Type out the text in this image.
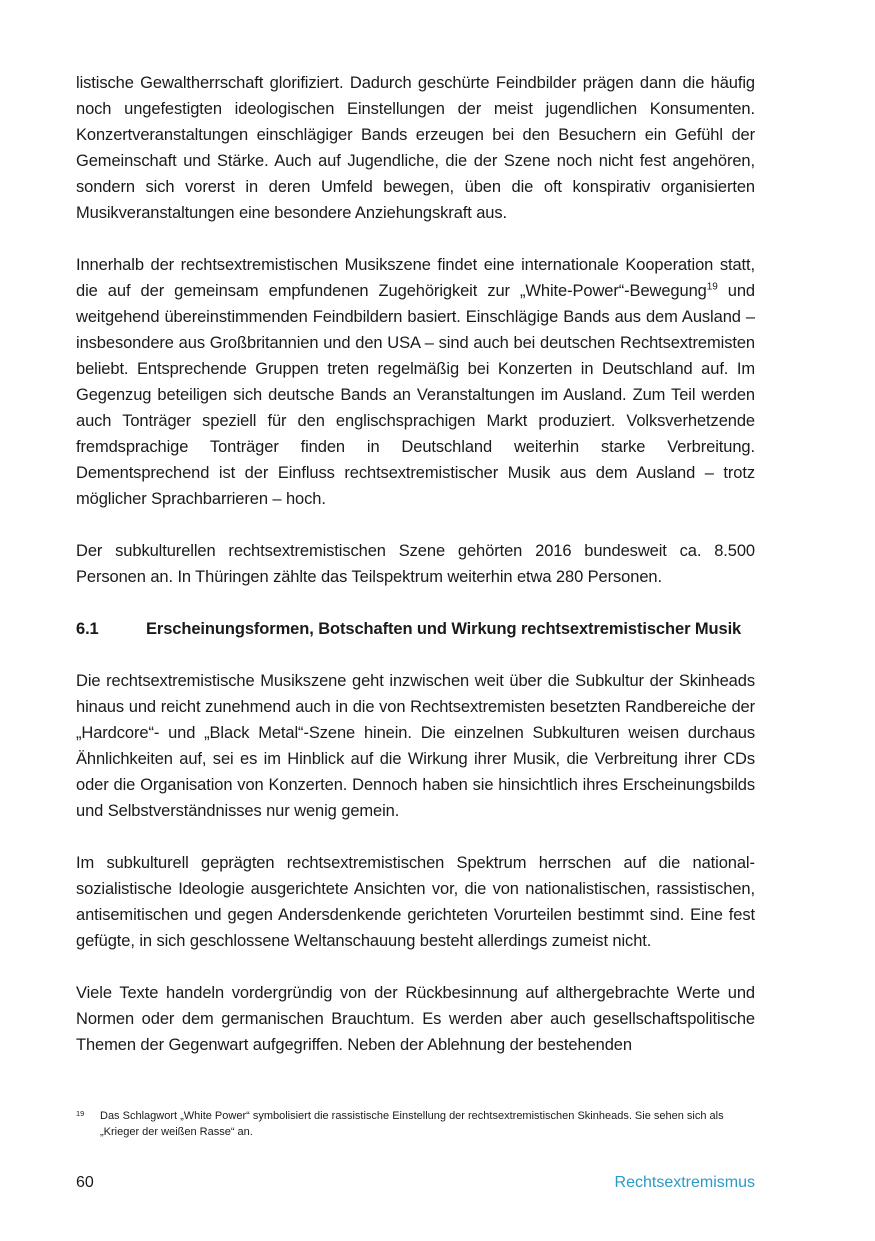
listische Gewaltherrschaft glorifiziert. Dadurch geschürte Feindbilder prägen dann die häufig noch ungefestigten ideologischen Einstellungen der meist jugendlichen Konsumenten. Konzertveranstaltungen einschlägiger Bands erzeugen bei den Besuchern ein Gefühl der Gemeinschaft und Stärke. Auch auf Jugendliche, die der Szene noch nicht fest angehören, sondern sich vorerst in deren Umfeld bewegen, üben die oft konspirativ organisierten Musikveranstaltungen eine besondere Anziehungskraft aus.

Innerhalb der rechtsextremistischen Musikszene findet eine internationale Kooperation statt, die auf der gemeinsam empfundenen Zugehörigkeit zur „White-Power“-Bewegung$^{19}$ und weitgehend übereinstimmenden Feindbildern basiert. Einschlägige Bands aus dem Ausland – insbesondere aus Großbritannien und den USA – sind auch bei deutschen Rechtsextremisten beliebt. Entsprechende Gruppen treten regelmäßig bei Konzerten in Deutschland auf. Im Gegenzug beteiligen sich deutsche Bands an Veranstaltungen im Ausland. Zum Teil werden auch Tonträger speziell für den englischsprachigen Markt produziert. Volksverhetzende fremdsprachige Tonträger finden in Deutschland weiterhin starke Verbreitung. Dementsprechend ist der Einfluss rechtsextremistischer Musik aus dem Ausland – trotz möglicher Sprachbarrieren – hoch.

Der subkulturellen rechtsextremistischen Szene gehörten 2016 bundesweit ca. 8.500 Personen an. In Thüringen zählte das Teilspektrum weiterhin etwa 280 Personen.

6.1	Erscheinungsformen, Botschaften und Wirkung rechtsextremistischer Musik

Die rechtsextremistische Musikszene geht inzwischen weit über die Subkultur der Skinheads hinaus und reicht zunehmend auch in die von Rechtsextremisten besetzten Randbereiche der „Hardcore“- und „Black Metal“-Szene hinein. Die einzelnen Subkulturen weisen durchaus Ähnlichkeiten auf, sei es im Hinblick auf die Wirkung ihrer Musik, die Verbreitung ihrer CDs oder die Organisation von Konzerten. Dennoch haben sie hinsichtlich ihres Erscheinungsbilds und Selbstverständnisses nur wenig gemein.

Im subkulturell geprägten rechtsextremistischen Spektrum herrschen auf die nationalsozialistische Ideologie ausgerichtete Ansichten vor, die von nationalistischen, rassistischen, antisemitischen und gegen Andersdenkende gerichteten Vorurteilen bestimmt sind. Eine fest gefügte, in sich geschlossene Weltanschauung besteht allerdings zumeist nicht.

Viele Texte handeln vordergründig von der Rückbesinnung auf althergebrachte Werte und Normen oder dem germanischen Brauchtum. Es werden aber auch gesellschaftspolitische Themen der Gegenwart aufgegriffen. Neben der Ablehnung der bestehenden

19	Das Schlagwort „White Power“ symbolisiert die rassistische Einstellung der rechtsextremistischen Skinheads. Sie sehen sich als „Krieger der weißen Rasse“ an.
60	Rechtsextremismus
